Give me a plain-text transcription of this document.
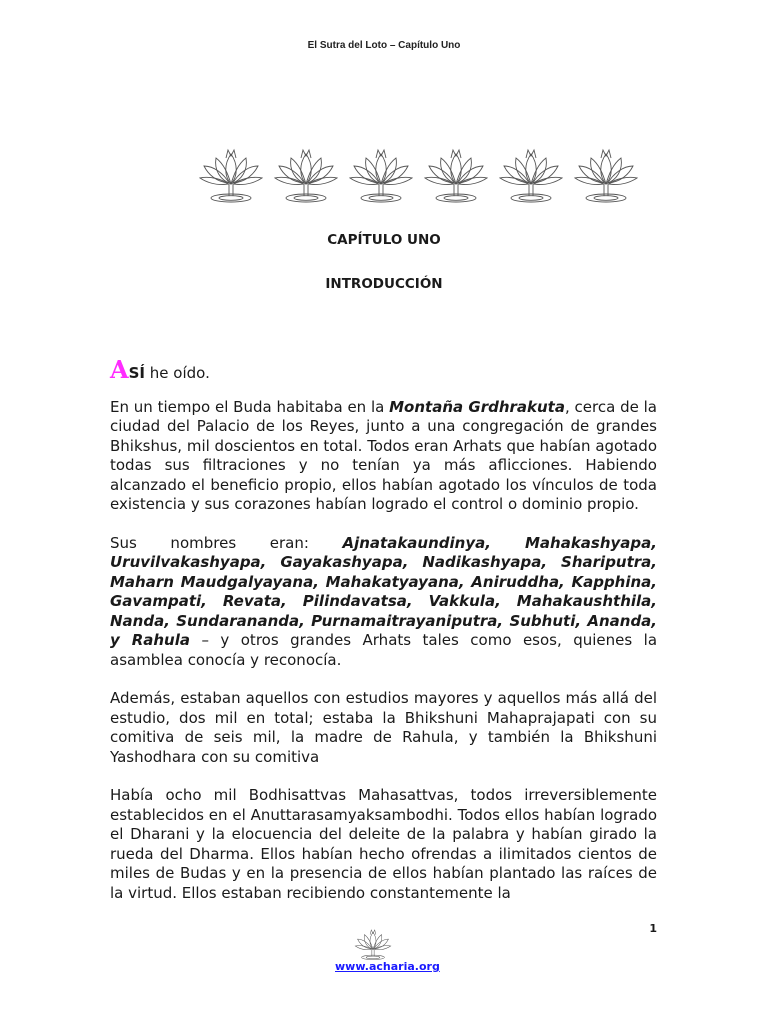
El Sutra del Loto – Capítulo Uno
CAPÍTULO UNO
INTRODUCCIÓN
ASÍ he oído.

En un tiempo el Buda habitaba en la Montaña Grdhrakuta, cerca de la ciudad del Palacio de los Reyes, junto a una congregación de grandes Bhikshus, mil doscientos en total. Todos eran Arhats que habían agotado todas sus filtraciones y no tenían ya más aflicciones. Habiendo alcanzado el beneficio propio, ellos habían agotado los vínculos de toda existencia y sus corazones habían logrado el control o dominio propio.

Sus nombres eran: Ajnatakaundinya, Mahakashyapa, Uruvilvakashyapa, Gayakashyapa, Nadikashyapa, Shariputra, Maharn Maudgalyayana, Mahakatyayana, Aniruddha, Kapphina, Gavampati, Revata, Pilindavatsa, Vakkula, Mahakaushthila, Nanda, Sundarananda, Purnamaitrayaniputra, Subhuti, Ananda, y Rahula – y otros grandes Arhats tales como esos, quienes la asamblea conocía y reconocía.

Además, estaban aquellos con estudios mayores y aquellos más allá del estudio, dos mil en total; estaba la Bhikshuni Mahaprajapati con su comitiva de seis mil, la madre de Rahula, y también la Bhikshuni Yashodhara con su comitiva

Había ocho mil Bodhisattvas Mahasattvas, todos irreversiblemente establecidos en el Anuttarasamyaksambodhi. Todos ellos habían logrado el Dharani y la elocuencia del deleite de la palabra y habían girado la rueda del Dharma. Ellos habían hecho ofrendas a ilimitados cientos de miles de Budas y en la presencia de ellos habían plantado las raíces de la virtud. Ellos estaban recibiendo constantemente la

1
www.acharia.org
